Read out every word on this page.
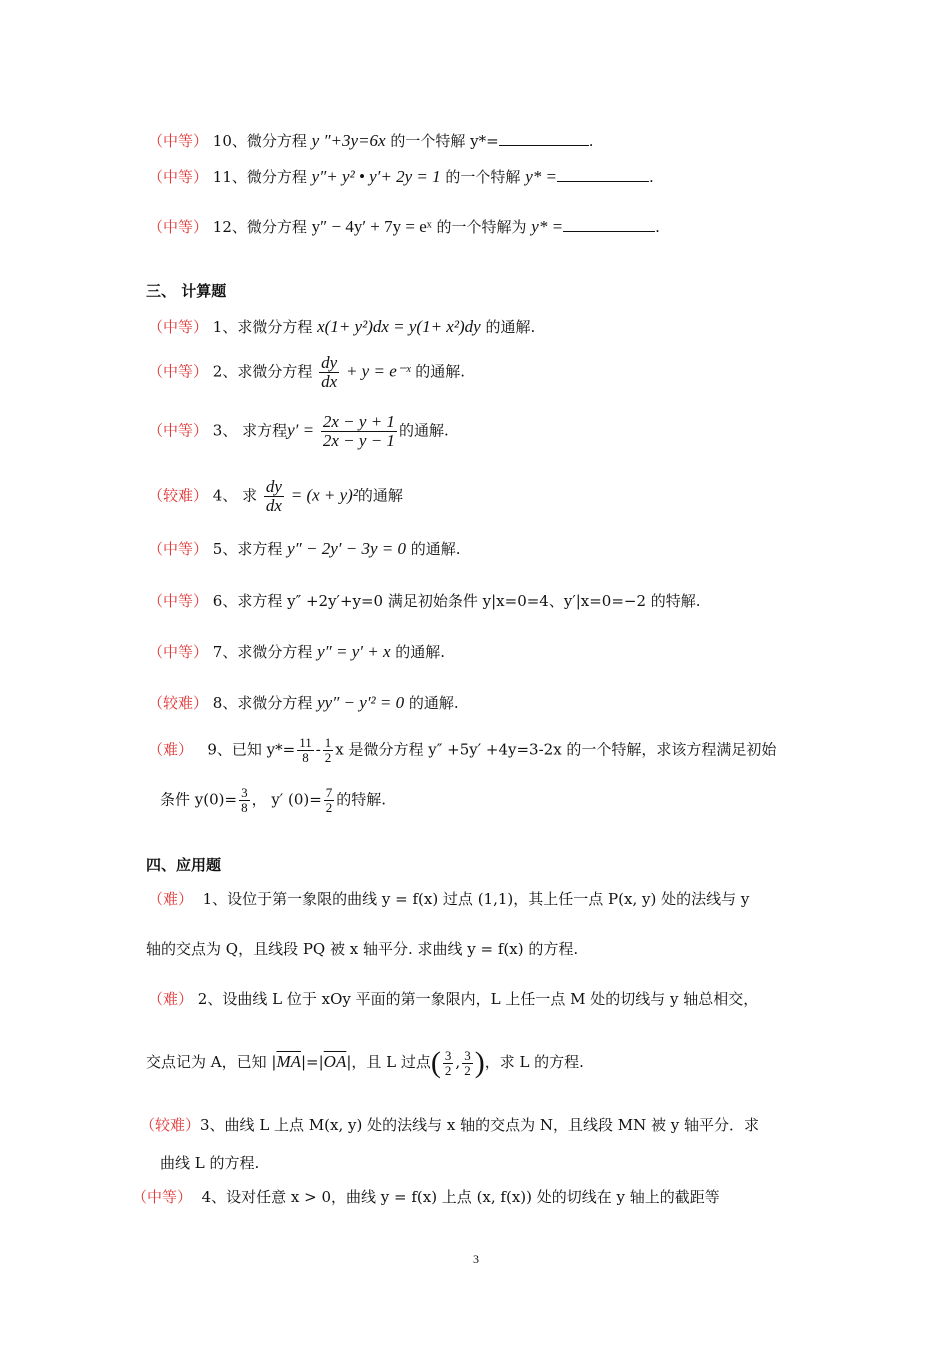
（中等） 10、微分方程 y ″+3y=6x 的一个特解 y*=	.
（中等） 11、微分方程 y″+ y² • y′+ 2y = 1 的一个特解 y* =	.
（中等） 12、微分方程 y″ − 4y′ + 7y = eˣ 的一个特解为 y* =	.
三、 计算题
（中等） 1、求微分方程 x(1+ y²)dx = y(1+ x²)dy 的通解.
（中等） 2、求微分方程 $\frac{dy}{dx} + y$ = e⁻ˣ 的通解.
（中等） 3、 求方程$y' = \frac{2x - y + 1}{2x - y - 1}$ 的通解.
（较难） 4、 求 $\frac{dy}{dx} = (x + y)^2$的通解
（中等） 5、求方程 y″ − 2y′ − 3y = 0 的通解.
（中等） 6、求方程 y″ +2y′+y=0 满足初始条件 y|x=0=4、y′|x=0=−2 的特解.
（中等） 7、求微分方程 y″ = y′ + x 的通解.
（较难） 8、求微分方程 yy″ − y′² = 0 的通解.
（难） 9、已知 $y*= \frac{11}{8} - \frac{1}{2}$ x 是微分方程 y″ +5y′ +4y=3-2x 的一个特解，求该方程满足初始
条件 $y(0)= \frac{3}{8}$ ， y′ $(0)= \frac{7}{2}$ 的特解.
四、应用题
（难） 1、设位于第一象限的曲线 y = f(x) 过点 (1,1)，其上任一点 P(x, y) 处的法线与 y
轴的交点为 Q，且线段 PQ 被 x 轴平分. 求曲线 y = f(x) 的方程.
（难） 2、设曲线 L 位于 xOy 平面的第一象限内，L 上任一点 M 处的切线与 y 轴总相交，
交点记为 A，已知 $|\overline{MA}|=|\overline{OA}|$，且 L 过点( $\frac{3}{2}$ , $\frac{3}{2}$ )，求 L 的方程.
（较难）3、曲线 L 上点 M(x, y) 处的法线与 x 轴的交点为 N，且线段 MN 被 y 轴平分．求
曲线 L 的方程.
（中等） 4、设对任意 x > 0，曲线 y = f(x) 上点 (x, f(x)) 处的切线在 y 轴上的截距等
3
